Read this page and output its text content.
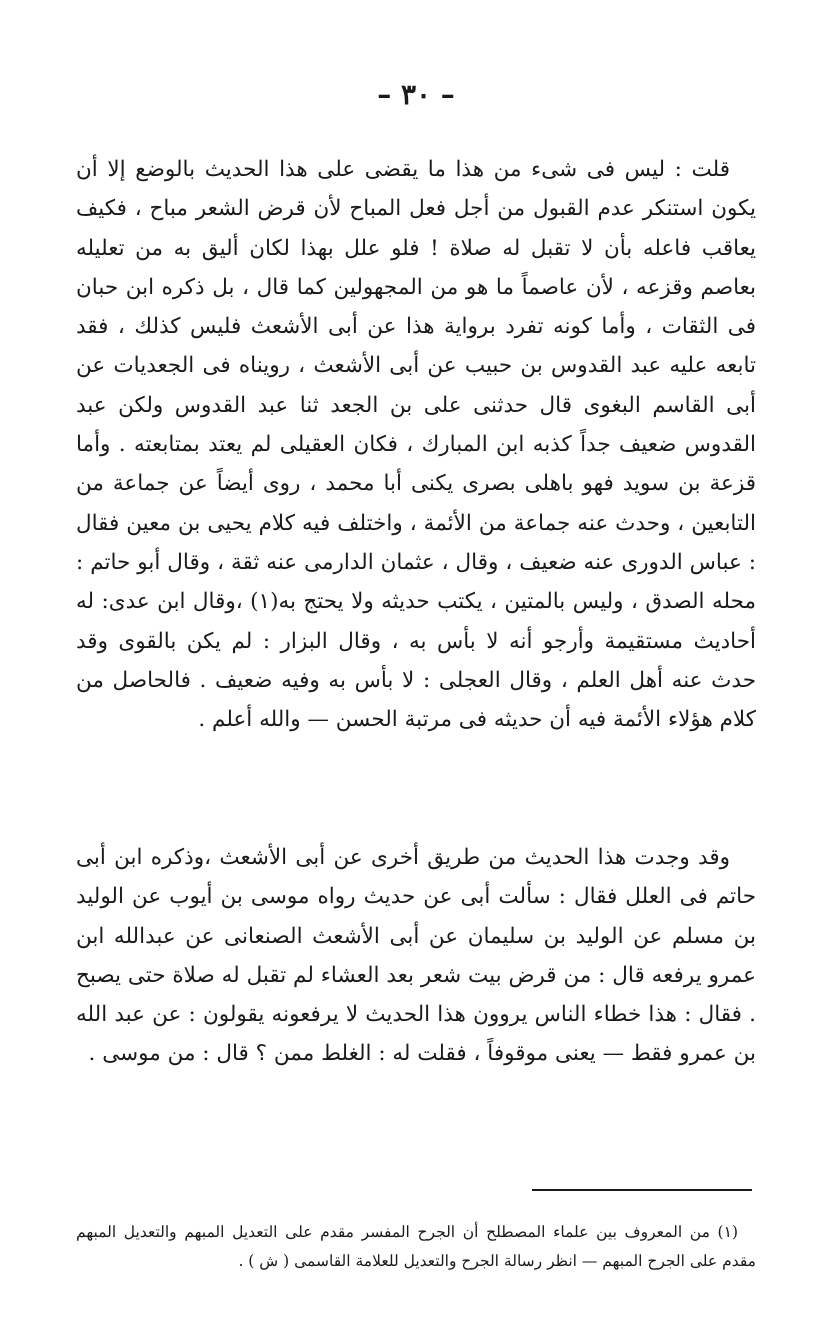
– ٣٠ –

قلت : ليس فى شىء من هذا ما يقضى على هذا الحديث بالوضع إلا أن يكون استنكر عدم القبول من أجل فعل المباح لأن قرض الشعر مباح ، فكيف يعاقب فاعله بأن لا تقبل له صلاة ! فلو علل بهذا لكان أليق به من تعليله بعاصم وقزعه ، لأن عاصماً ما هو من المجهولين كما قال ، بل ذكره ابن حبان فى الثقات ، وأما كونه تفرد برواية هذا عن أبى الأشعث فليس كذلك ، فقد تابعه عليه عبد القدوس بن حبيب عن أبى الأشعث ، رويناه فى الجعديات عن أبى القاسم البغوى قال حدثنى على بن الجعد ثنا عبد القدوس ولكن عبد القدوس ضعيف جداً كذبه ابن المبارك ، فكان العقيلى لم يعتد بمتابعته . وأما قزعة بن سويد فهو باهلى بصرى يكنى أبا محمد ، روى أيضاً عن جماعة من التابعين ، وحدث عنه جماعة من الأئمة ، واختلف فيه كلام يحيى بن معين فقال : عباس الدورى عنه ضعيف ، وقال ، عثمان الدارمى عنه ثقة ، وقال أبو حاتم : محله الصدق ، وليس بالمتين ، يكتب حديثه ولا يحتج به(١) ،وقال ابن عدى: له أحاديث مستقيمة وأرجو أنه لا بأس به ، وقال البزار : لم يكن بالقوى وقد حدث عنه أهل العلم ، وقال العجلى : لا بأس به وفيه ضعيف . فالحاصل من كلام هؤلاء الأئمة فيه أن حديثه فى مرتبة الحسن — والله أعلم .

وقد وجدت هذا الحديث من طريق أخرى عن أبى الأشعث ،وذكره ابن أبى حاتم فى العلل فقال : سألت أبى عن حديث رواه موسى بن أيوب عن الوليد بن مسلم عن الوليد بن سليمان عن أبى الأشعث الصنعانى عن عبدالله ابن عمرو يرفعه قال : من قرض بيت شعر بعد العشاء لم تقبل له صلاة حتى يصبح . فقال : هذا خطاء الناس يروون هذا الحديث لا يرفعونه يقولون : عن عبد الله بن عمرو فقط — يعنى موقوفاً ، فقلت له : الغلط ممن ؟ قال : من موسى .

(١) من المعروف بين علماء المصطلح أن الجرح المفسر مقدم على التعديل المبهم والتعديل المبهم مقدم على الجرح المبهم — انظر رسالة الجرح والتعديل للعلامة القاسمى ( ش ) .
